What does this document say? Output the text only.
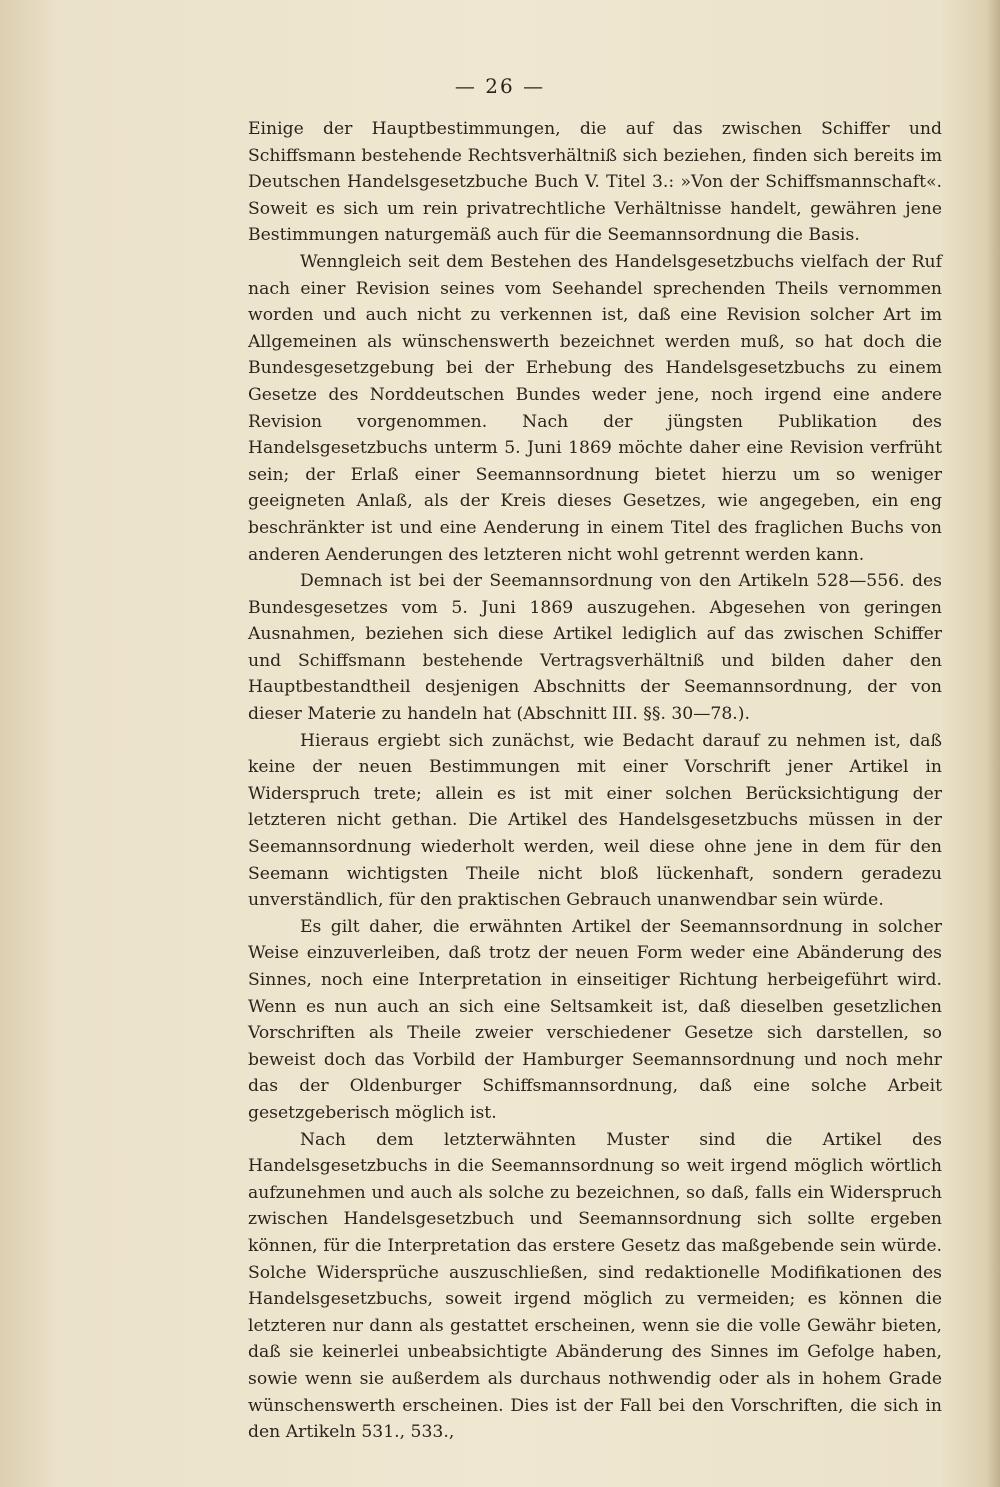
— 26 —

Einige der Hauptbestimmungen, die auf das zwischen Schiffer und Schiffsmann bestehende Rechtsverhältniß sich beziehen, finden sich bereits im Deutschen Handelsgesetzbuche Buch V. Titel 3.: »Von der Schiffsmannschaft«. Soweit es sich um rein privatrechtliche Verhältnisse handelt, gewähren jene Bestimmungen naturgemäß auch für die Seemannsordnung die Basis.

Wenngleich seit dem Bestehen des Handelsgesetzbuchs vielfach der Ruf nach einer Revision seines vom Seehandel sprechenden Theils vernommen worden und auch nicht zu verkennen ist, daß eine Revision solcher Art im Allgemeinen als wünschenswerth bezeichnet werden muß, so hat doch die Bundesgesetzgebung bei der Erhebung des Handelsgesetzbuchs zu einem Gesetze des Norddeutschen Bundes weder jene, noch irgend eine andere Revision vorgenommen. Nach der jüngsten Publikation des Handelsgesetzbuchs unterm 5. Juni 1869 möchte daher eine Revision verfrüht sein; der Erlaß einer Seemannsordnung bietet hierzu um so weniger geeigneten Anlaß, als der Kreis dieses Gesetzes, wie angegeben, ein eng beschränkter ist und eine Aenderung in einem Titel des fraglichen Buchs von anderen Aenderungen des letzteren nicht wohl getrennt werden kann.

Demnach ist bei der Seemannsordnung von den Artikeln 528—556. des Bundesgesetzes vom 5. Juni 1869 auszugehen. Abgesehen von geringen Ausnahmen, beziehen sich diese Artikel lediglich auf das zwischen Schiffer und Schiffsmann bestehende Vertragsverhältniß und bilden daher den Hauptbestandtheil desjenigen Abschnitts der Seemannsordnung, der von dieser Materie zu handeln hat (Abschnitt III. §§. 30—78.).

Hieraus ergiebt sich zunächst, wie Bedacht darauf zu nehmen ist, daß keine der neuen Bestimmungen mit einer Vorschrift jener Artikel in Widerspruch trete; allein es ist mit einer solchen Berücksichtigung der letzteren nicht gethan. Die Artikel des Handelsgesetzbuchs müssen in der Seemannsordnung wiederholt werden, weil diese ohne jene in dem für den Seemann wichtigsten Theile nicht bloß lückenhaft, sondern geradezu unverständlich, für den praktischen Gebrauch unanwendbar sein würde.

Es gilt daher, die erwähnten Artikel der Seemannsordnung in solcher Weise einzuverleiben, daß trotz der neuen Form weder eine Abänderung des Sinnes, noch eine Interpretation in einseitiger Richtung herbeigeführt wird. Wenn es nun auch an sich eine Seltsamkeit ist, daß dieselben gesetzlichen Vorschriften als Theile zweier verschiedener Gesetze sich darstellen, so beweist doch das Vorbild der Hamburger Seemannsordnung und noch mehr das der Oldenburger Schiffsmannsordnung, daß eine solche Arbeit gesetzgeberisch möglich ist.

Nach dem letzterwähnten Muster sind die Artikel des Handelsgesetzbuchs in die Seemannsordnung so weit irgend möglich wörtlich aufzunehmen und auch als solche zu bezeichnen, so daß, falls ein Widerspruch zwischen Handelsgesetzbuch und Seemannsordnung sich sollte ergeben können, für die Interpretation das erstere Gesetz das maßgebende sein würde. Solche Widersprüche auszuschließen, sind redaktionelle Modifikationen des Handelsgesetzbuchs, soweit irgend möglich zu vermeiden; es können die letzteren nur dann als gestattet erscheinen, wenn sie die volle Gewähr bieten, daß sie keinerlei unbeabsichtigte Abänderung des Sinnes im Gefolge haben, sowie wenn sie außerdem als durchaus nothwendig oder als in hohem Grade wünschenswerth erscheinen. Dies ist der Fall bei den Vorschriften, die sich in den Artikeln 531., 533.,
